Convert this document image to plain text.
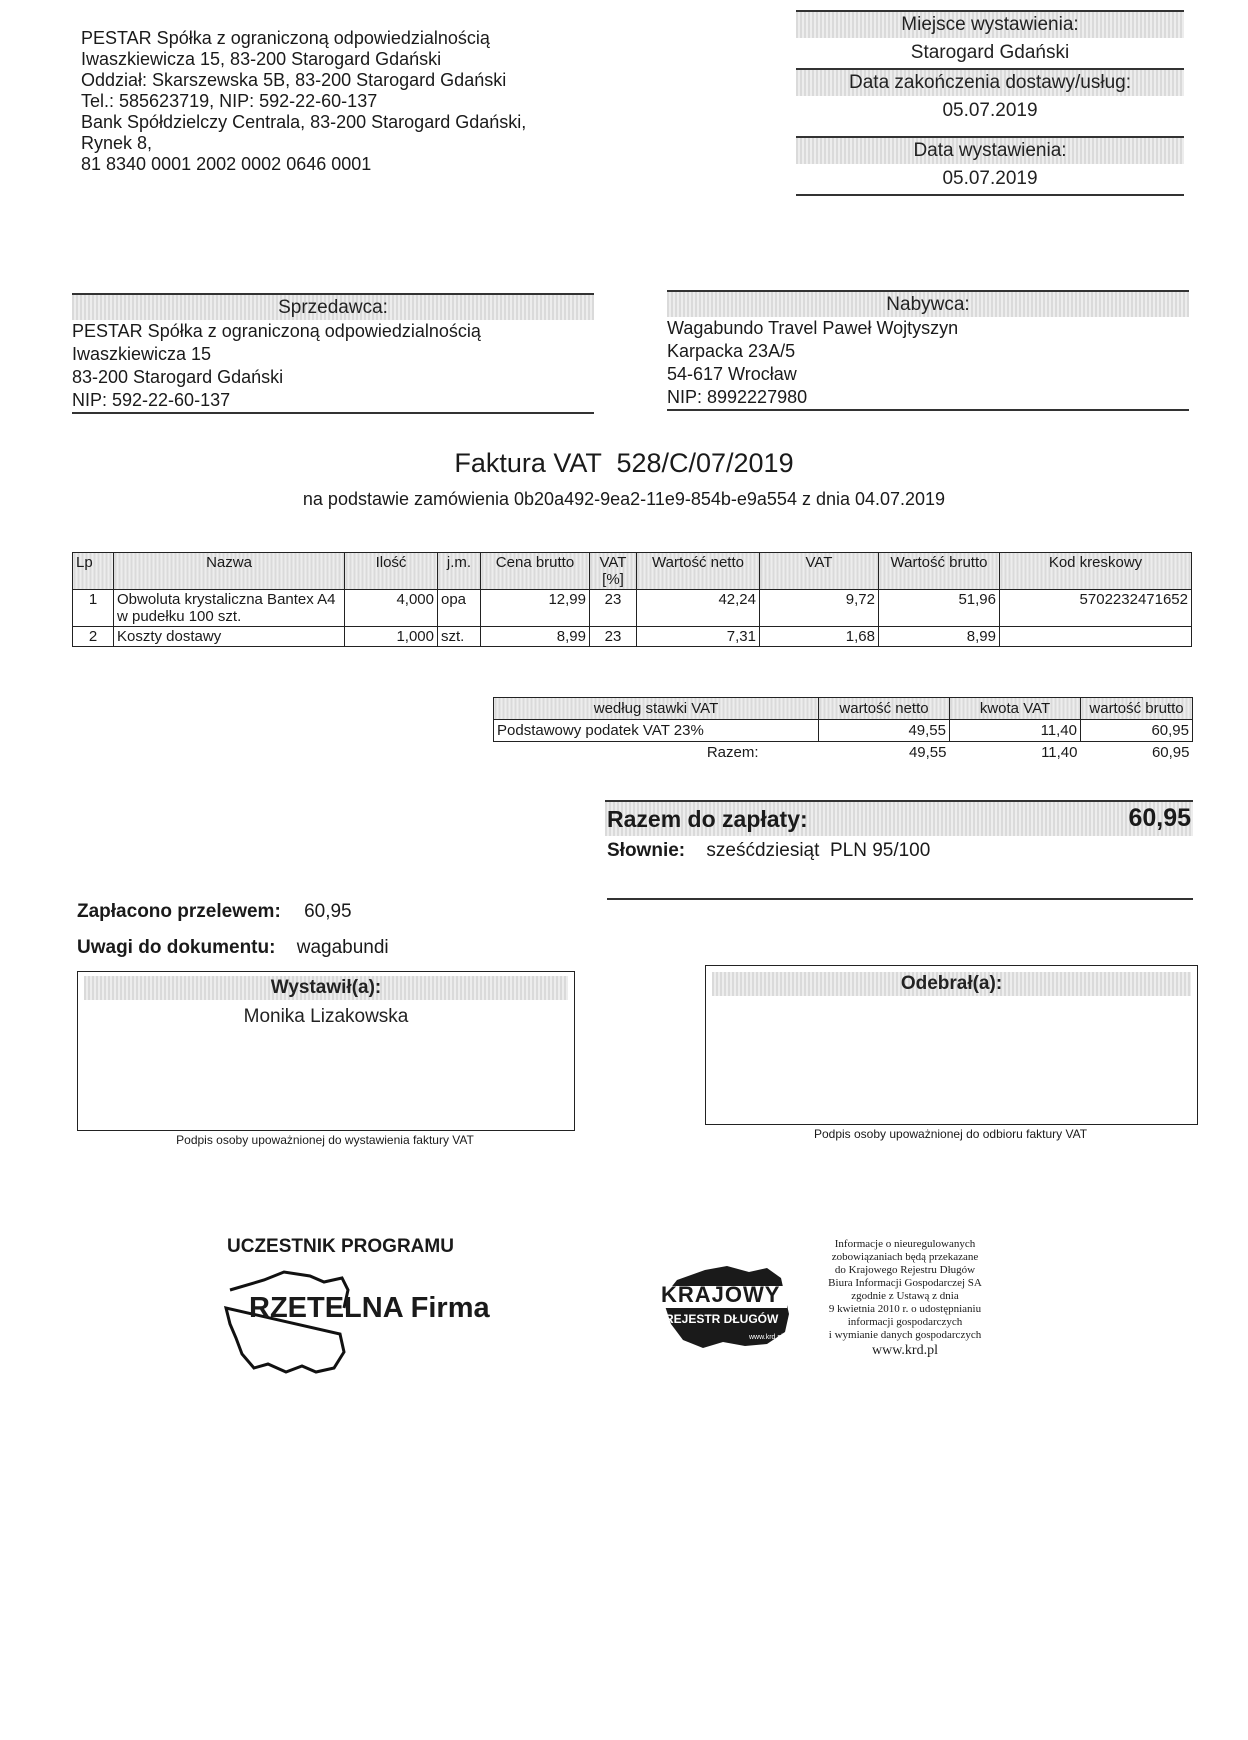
PESTAR Spółka z ograniczoną odpowiedzialnością
Iwaszkiewicza 15, 83-200 Starogard Gdański
Oddział: Skarszewska 5B, 83-200 Starogard Gdański
Tel.: 585623719, NIP: 592-22-60-137
Bank Spółdzielczy Centrala, 83-200 Starogard Gdański,
Rynek 8,
81 8340 0001 2002 0002 0646 0001
Miejsce wystawienia:
Starogard Gdański
Data zakończenia dostawy/usług:
05.07.2019
Data wystawienia:
05.07.2019
Sprzedawca:
PESTAR Spółka z ograniczoną odpowiedzialnością
Iwaszkiewicza 15
83-200 Starogard Gdański
NIP: 592-22-60-137
Nabywca:
Wagabundo Travel Paweł Wojtyszyn
Karpacka 23A/5
54-617 Wrocław
NIP: 8992227980
Faktura VAT  528/C/07/2019
na podstawie zamówienia 0b20a492-9ea2-11e9-854b-e9a554 z dnia 04.07.2019
Lp	Nazwa	Ilość	j.m.	Cena brutto	VAT [%]	Wartość netto	VAT	Wartość brutto	Kod kreskowy
1	Obwoluta krystaliczna Bantex A4 w pudełku 100 szt.	4,000	opa	12,99	23	42,24	9,72	51,96	5702232471652
2	Koszty dostawy	1,000	szt.	8,99	23	7,31	1,68	8,99	
według stawki VAT	wartość netto	kwota VAT	wartość brutto
Podstawowy podatek VAT 23%	49,55	11,40	60,95
Razem:	49,55	11,40	60,95
Razem do zapłaty:	60,95
Słownie: sześćdziesiąt  PLN 95/100
Zapłacono przelewem: 60,95
Uwagi do dokumentu: wagabundi
Wystawił(a):
Monika Lizakowska
Podpis osoby upoważnionej do wystawienia faktury VAT
Odebrał(a):
Podpis osoby upoważnionej do odbioru faktury VAT
UCZESTNIK PROGRAMU
RZETELNA Firma	KRAJOWY
REJESTR DŁUGÓW
www.krd.pl
Informacje o nieuregulowanych
zobowiązaniach będą przekazane
do Krajowego Rejestru Długów
Biura Informacji Gospodarczej SA
zgodnie z Ustawą z dnia
9 kwietnia 2010 r. o udostępnianiu
informacji gospodarczych
i wymianie danych gospodarczych
www.krd.pl
